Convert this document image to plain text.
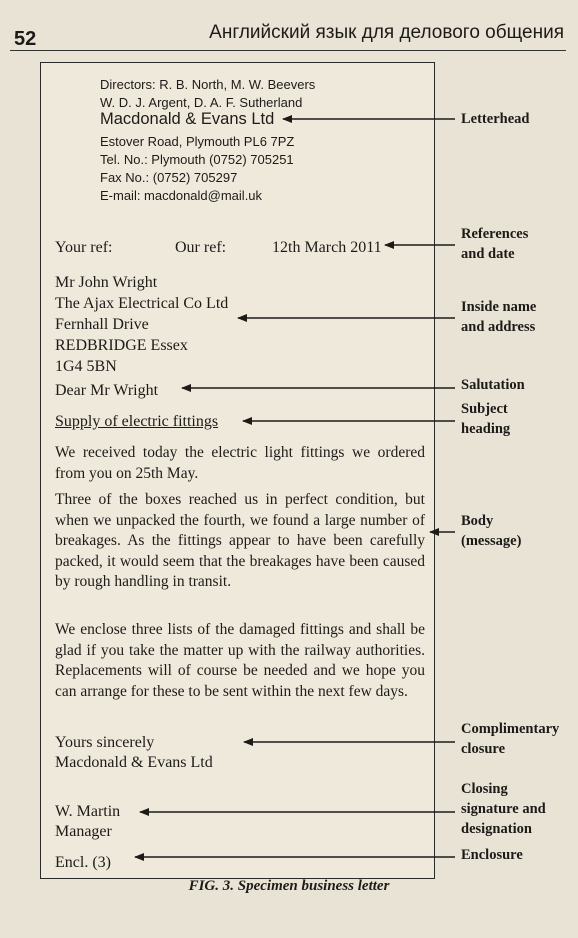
52	Английский язык для делового общения
Directors: R. B. North, M. W. Beevers
W. D. J. Argent, D. A. F. Sutherland
Macdonald & Evans Ltd
Estover Road, Plymouth PL6 7PZ
Tel. No.: Plymouth (0752) 705251
Fax No.: (0752) 705297
E-mail: macdonald@mail.uk
Your ref:	Our ref:	12th March 2011
Mr John Wright
The Ajax Electrical Co Ltd
Fernhall Drive
REDBRIDGE Essex
1G4 5BN
Dear Mr Wright
Supply of electric fittings
We received today the electric light fittings we ordered from you on 25th May.
Three of the boxes reached us in perfect condition, but when we unpacked the fourth, we found a large number of breakages. As the fittings appear to have been carefully packed, it would seem that the breakages have been caused by rough handling in transit.
We enclose three lists of the damaged fittings and shall be glad if you take the matter up with the railway authorities. Replacements will of course be needed and we hope you can arrange for these to be sent within the next few days.
Yours sincerely
Macdonald & Evans Ltd
W. Martin
Manager
Encl. (3)
Letterhead
References
and date
Inside name
and address
Salutation
Subject
heading
Body
(message)
Complimentary
closure
Closing
signature and
designation
Enclosure
FIG. 3. Specimen business letter
